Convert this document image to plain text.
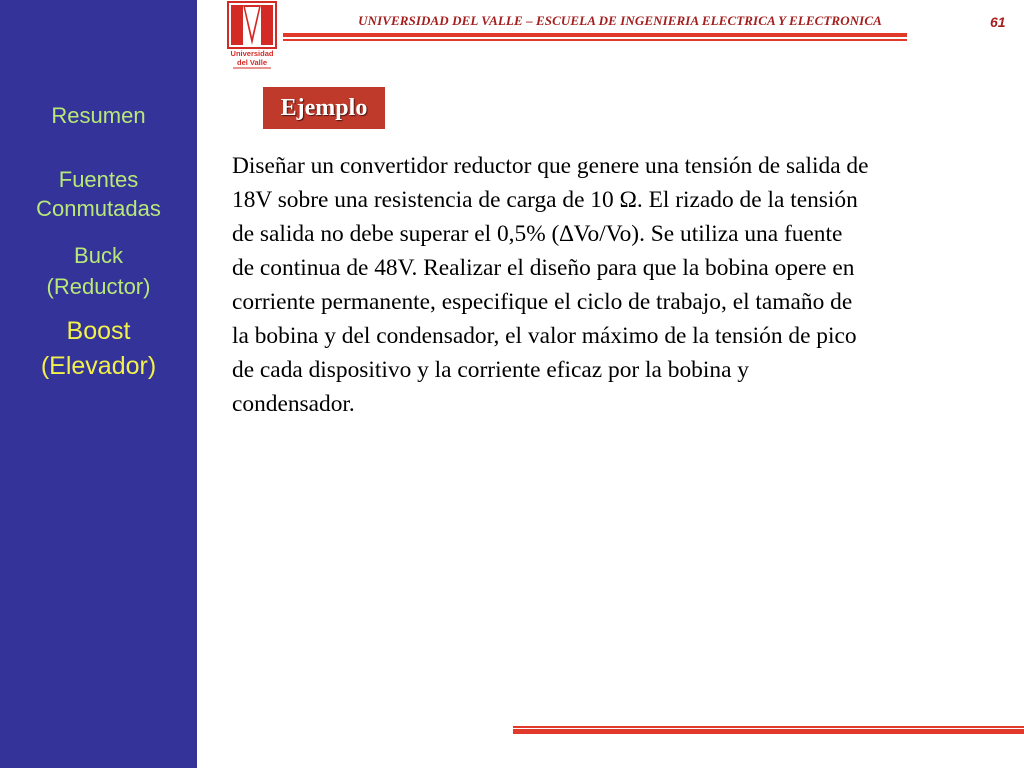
Resumen
Fuentes
Conmutadas
Buck
(Reductor)
Boost
(Elevador)
Universidad
del Valle
UNIVERSIDAD DEL VALLE – ESCUELA DE INGENIERIA ELECTRICA Y ELECTRONICA	61
Ejemplo
Diseñar un convertidor reductor que genere una tensión de salida de
18V sobre una resistencia de carga de 10 Ω. El rizado de la tensión
de salida no debe superar el 0,5% (∆Vo/Vo). Se utiliza una fuente
de continua de 48V. Realizar el diseño para que la bobina opere en
corriente permanente, especifique el ciclo de trabajo, el tamaño de
la bobina y del condensador, el valor máximo de la tensión de pico
de cada dispositivo y la corriente eficaz por la bobina y
condensador.
